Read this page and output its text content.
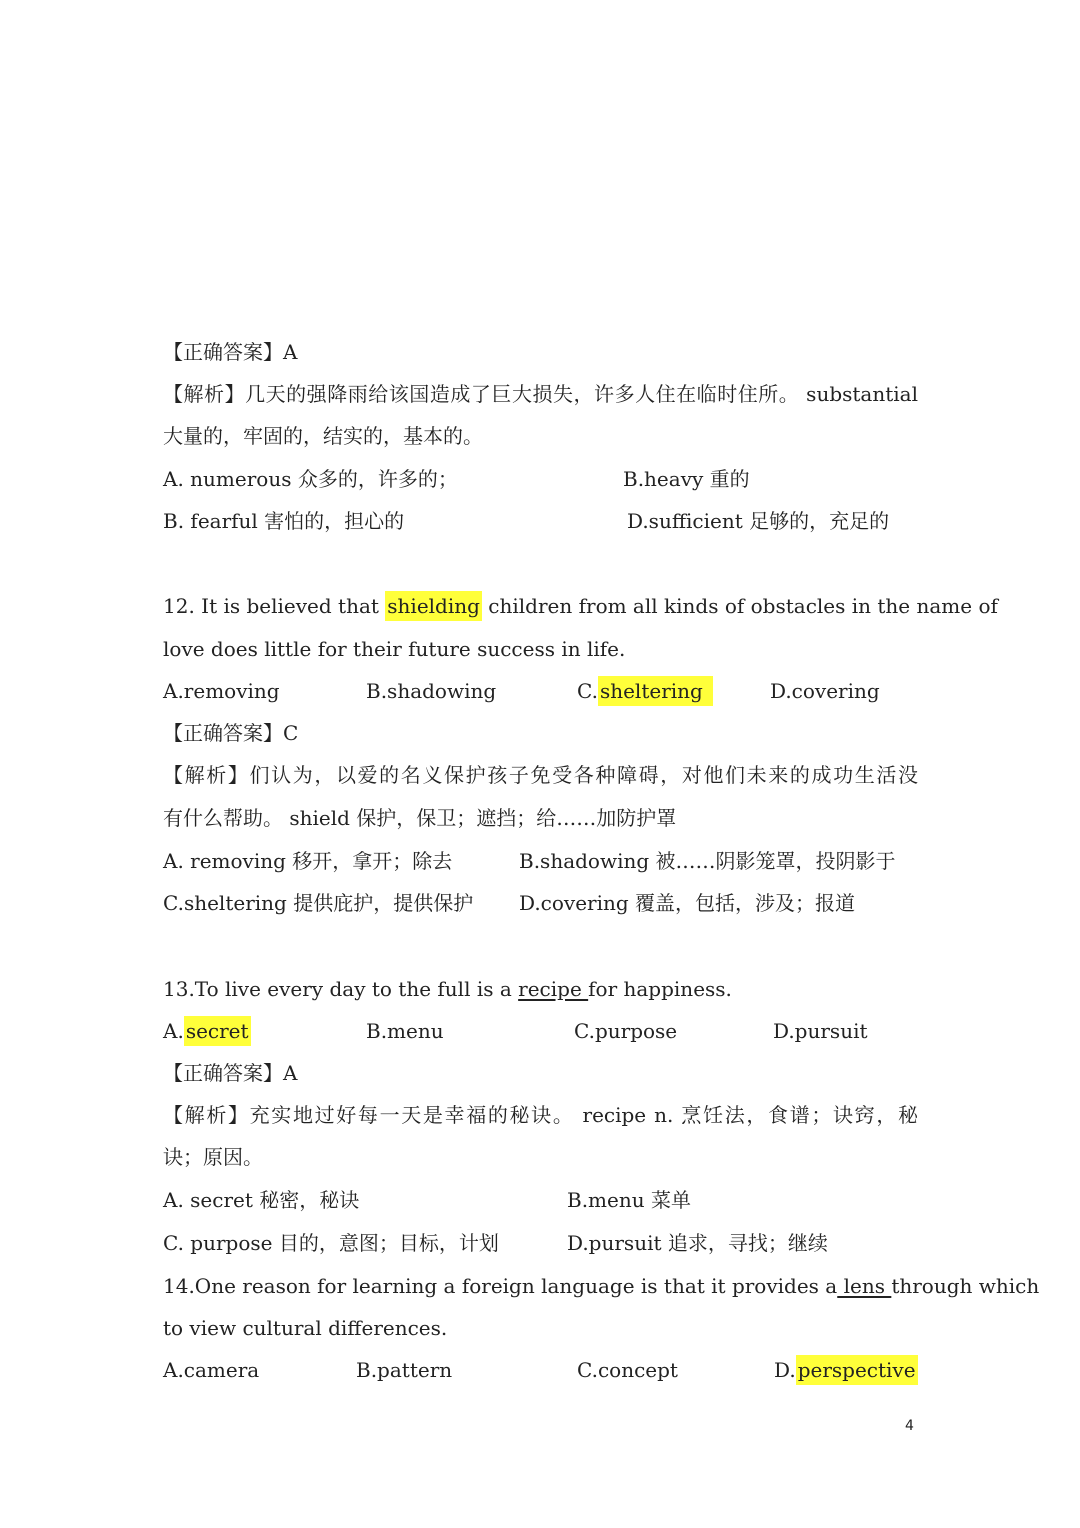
【正确答案】A
【解析】几天的强降雨给该国造成了巨大损失，许多人住在临时住所。 substantial
大量的，牢固的，结实的，基本的。
A. numerous 众多的，许多的；	B.heavy 重的
B. fearful 害怕的，担心的	D.sufficient 足够的，充足的
12. It is believed that shielding children from all kinds of obstacles in the name of
love does little for their future success in life.
A.removing	B.shadowing	C. sheltering	D.covering
【正确答案】C
【解析】们认为，以爱的名义保护孩子免受各种障碍，对他们未来的成功生活没
有什么帮助。 shield 保护，保卫；遮挡；给……加防护罩
A. removing 移开，拿开；除去	B.shadowing 被……阴影笼罩，投阴影于
C.sheltering 提供庇护，提供保护 D.covering 覆盖，包括，涉及；报道
13.To live every day to the full is a recipe for happiness.
A. secret	B.menu	C.purpose	D.pursuit
【正确答案】A
【解析】充实地过好每一天是幸福的秘诀。 recipe n. 烹饪法，食谱；诀窍，秘
诀；原因。
A. secret 秘密，秘诀	B.menu 菜单
C. purpose 目的，意图；目标，计划	D.pursuit 追求，寻找；继续
14.One reason for learning a foreign language is that it provides a lens through which
to view cultural differences.
A.camera	B.pattern	C.concept	D. perspective
4
